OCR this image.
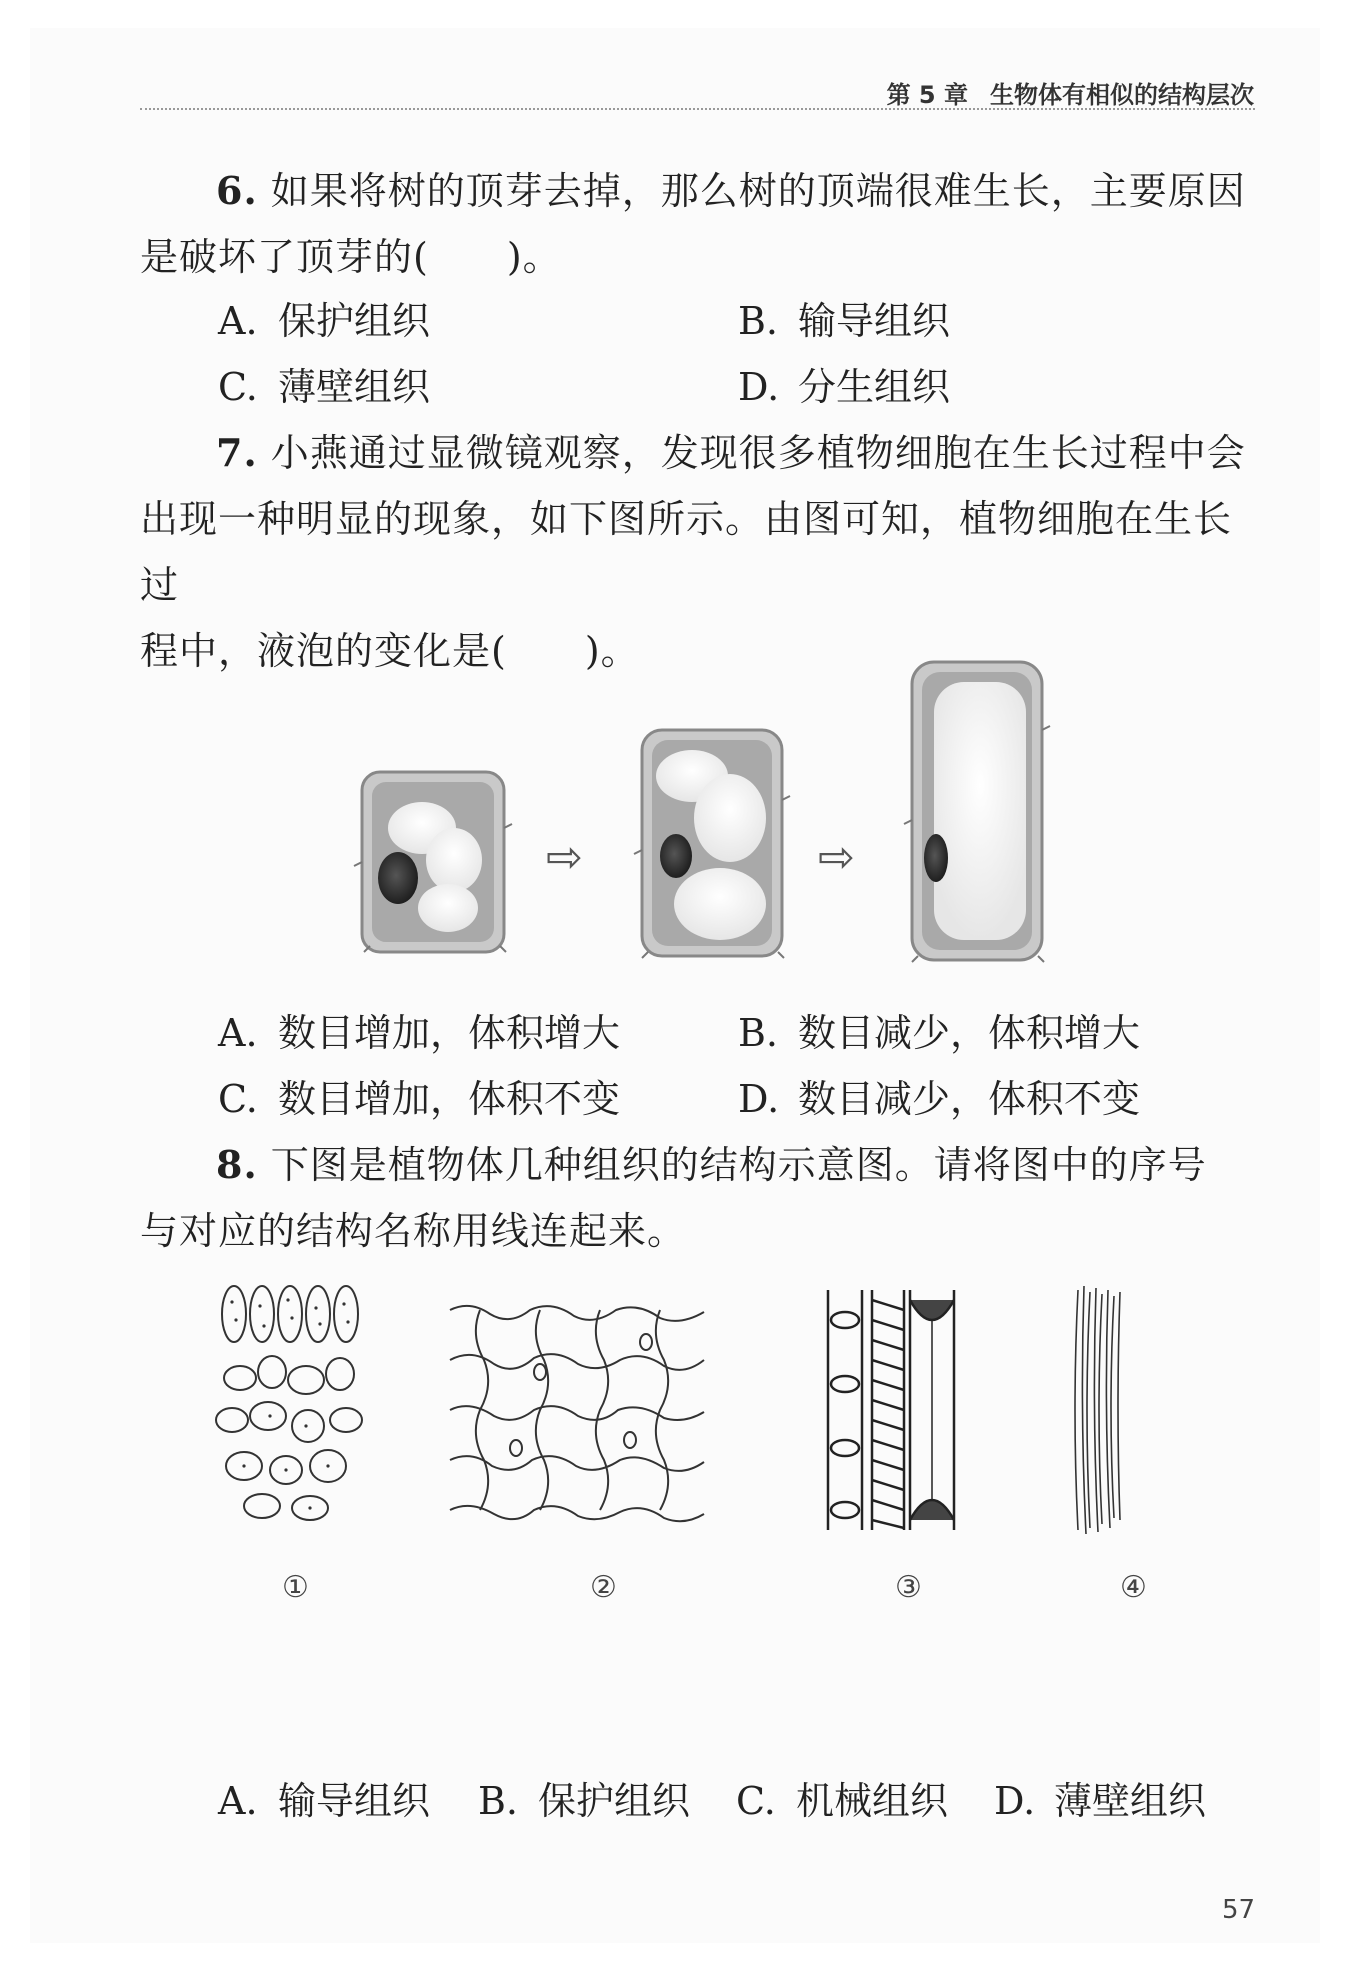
第 5 章 生物体有相似的结构层次
6. 如果将树的顶芽去掉，那么树的顶端很难生长，主要原因
是破坏了顶芽的(　　)。
A. 保护组织	B. 输导组织
C. 薄壁组织	D. 分生组织
7. 小燕通过显微镜观察，发现很多植物细胞在生长过程中会
出现一种明显的现象，如下图所示。由图可知，植物细胞在生长过
程中，液泡的变化是(　　)。
⇨	⇨
A. 数目增加，体积增大	B. 数目减少，体积增大
C. 数目增加，体积不变	D. 数目减少，体积不变
8. 下图是植物体几种组织的结构示意图。请将图中的序号
与对应的结构名称用线连起来。
①	②	③	④
A. 输导组织 B. 保护组织 C. 机械组织 D. 薄壁组织
57
